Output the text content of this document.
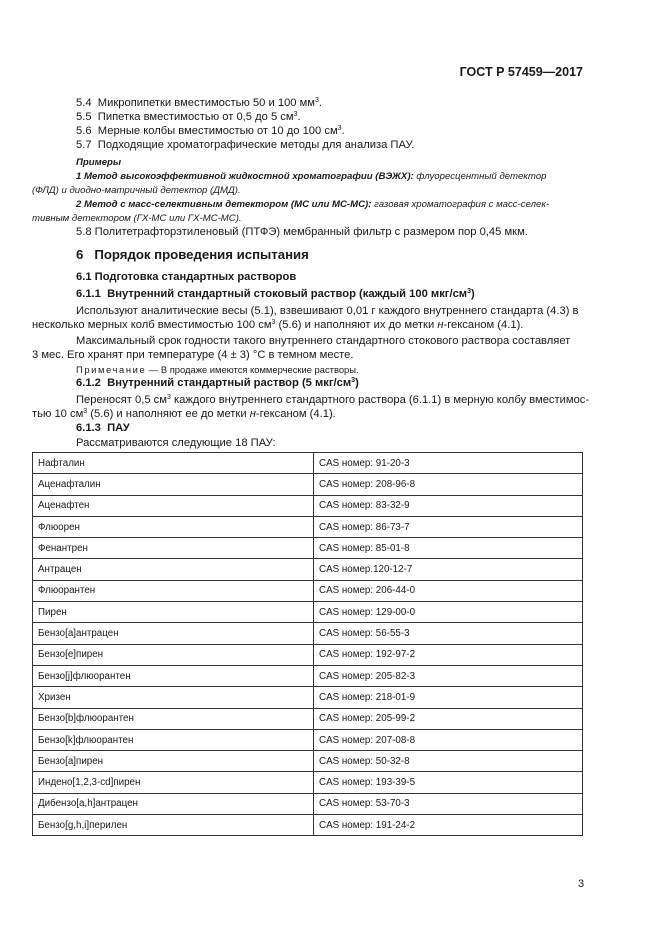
ГОСТ Р 57459—2017
5.4 Микропипетки вместимостью 50 и 100 $мм^3$.
5.5 Пипетка вместимостью от 0,5 до 5 $см^3$.
5.6 Мерные колбы вместимостью от 10 до 100 $см^3$.
5.7 Подходящие хроматографические методы для анализа ПАУ.
Примеры
1 Метод высокоэффективной жидкостной хроматографии (ВЭЖХ): флуоресцентный детектор
(ФЛД) и диодно-матричный детектор (ДМД).
2 Метод с масс-селективным детектором (МС или МС-МС): газовая хроматография с масс-селек-
тивным детектором (ГХ-МС или ГХ-МС-МС).
5.8 Политетрафторэтиленовый (ПТФЭ) мембранный фильтр с размером пор 0,45 мкм.
6 Порядок проведения испытания
6.1 Подготовка стандартных растворов
6.1.1 Внутренний стандартный стоковый раствор (каждый 100 мкг/$см^3$)
Используют аналитические весы (5.1), взвешивают 0,01 г каждого внутреннего стандарта (4.3) в
несколько мерных колб вместимостью 100 $см^3$ (5.6) и наполняют их до метки н-гексаном (4.1).
Максимальный срок годности такого внутреннего стандартного стокового раствора составляет
3 мес. Его хранят при температуре (4 ± 3) °С в темном месте.
Примечание — В продаже имеются коммерческие растворы.
6.1.2 Внутренний стандартный раствор (5 мкг/$см^3$)
Переносят 0,5 $см^3$ каждого внутреннего стандартного раствора (6.1.1) в мерную колбу вместимос-
тью 10 $см^3$ (5.6) и наполняют ее до метки н-гексаном (4.1).
6.1.3 ПАУ
Рассматриваются следующие 18 ПАУ:
Нафталин	CAS номер: 91-20-3
Аценафталин	CAS номер: 208-96-8
Аценафтен	CAS номер: 83-32-9
Флюорен	CAS номер: 86-73-7
Фенантрен	CAS номер: 85-01-8
Антрацен	CAS номер.120-12-7
Флюорантен	CAS номер: 206-44-0
Пирен	CAS номер: 129-00-0
Бензо[а]антрацен	CAS номер: 56-55-3
Бензо[е]пирен	CAS номер: 192-97-2
Бензо[j]флюорантен	CAS номер: 205-82-3
Хризен	CAS номер: 218-01-9
Бензо[b]флюорантен	CAS номер: 205-99-2
Бензо[k]флюорантен	CAS номер: 207-08-8
Бензо[а]пирен	CAS номер: 50-32-8
Индено[1,2,3-cd]пирен	CAS номер: 193-39-5
Дибензо[a,h]антрацен	CAS номер: 53-70-3
Бензо[g,h,i]перилен	CAS номер: 191-24-2
3
